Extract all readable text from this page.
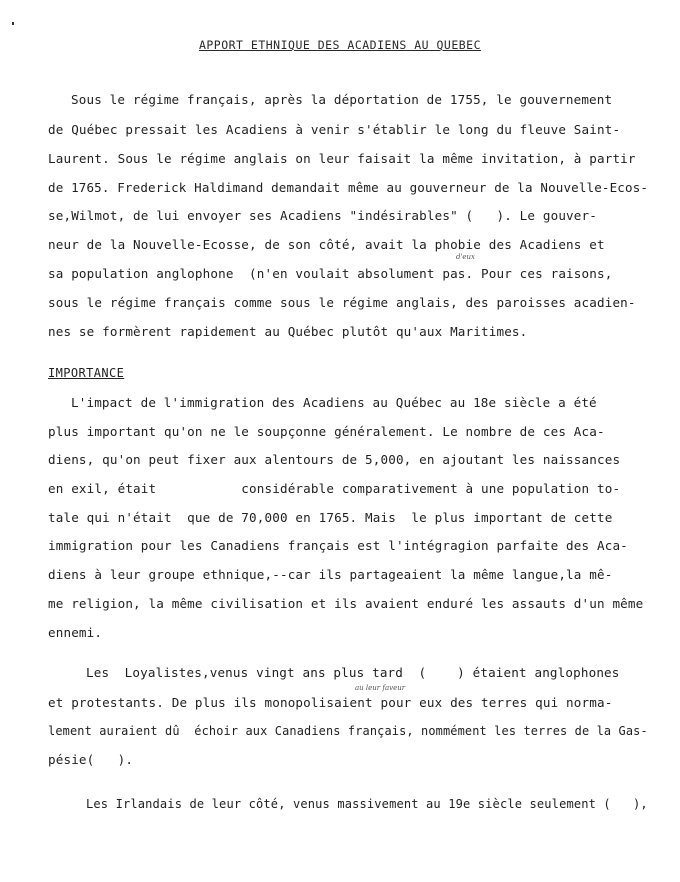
APPORT ETHNIQUE DES ACADIENS AU QUEBEC
Sous le régime français, après la déportation de 1755, le gouvernement
de Québec pressait les Acadiens à venir s'établir le long du fleuve Saint-
Laurent. Sous le régime anglais on leur faisait la même invitation, à partir
de 1765. Frederick Haldimand demandait même au gouverneur de la Nouvelle-Ecos-
se,Wilmot, de lui envoyer ses Acadiens "indésirables" (   ). Le gouver-
neur de la Nouvelle-Ecosse, de son côté, avait la phobie des Acadiens et
d'eux
sa population anglophone  (n'en voulait absolument pas. Pour ces raisons,
sous le régime français comme sous le régime anglais, des paroisses acadien-
nes se formèrent rapidement au Québec plutôt qu'aux Maritimes.
IMPORTANCE
L'impact de l'immigration des Acadiens au Québec au 18e siècle a été
plus important qu'on ne le soupçonne généralement. Le nombre de ces Aca-
diens, qu'on peut fixer aux alentours de 5,000, en ajoutant les naissances
en exil, était           considérable comparativement à une population to-
tale qui n'était  que de 70,000 en 1765. Mais  le plus important de cette
immigration pour les Canadiens français est l'intégragion parfaite des Aca-
diens à leur groupe ethnique,--car ils partageaient la même langue,la mê-
me religion, la même civilisation et ils avaient enduré les assauts d'un même
ennemi.
Les  Loyalistes,venus vingt ans plus tard  (    ) étaient anglophones
au leur faveur
et protestants. De plus ils monopolisaient pour eux des terres qui norma-
lement auraient dû  échoir aux Canadiens français, nommément les terres de la Gas-
pésie(   ).
Les Irlandais de leur côté, venus massivement au 19e siècle seulement (   ),
